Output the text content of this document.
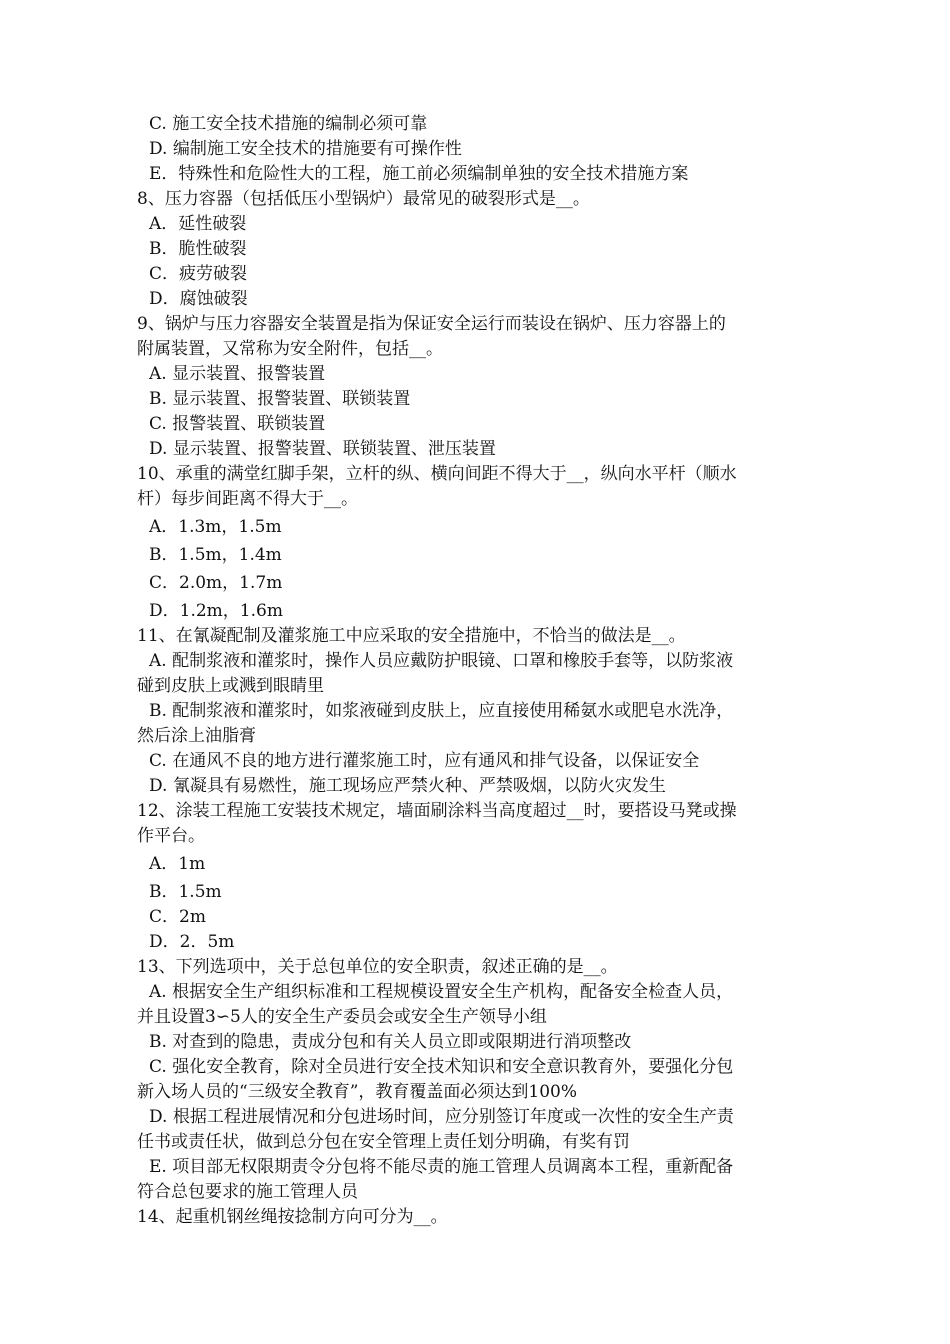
C. 施工安全技术措施的编制必须可靠
D. 编制施工安全技术的措施要有可操作性
E．特殊性和危险性大的工程，施工前必须编制单独的安全技术措施方案
8、压力容器（包括低压小型锅炉）最常见的破裂形式是__。
A．延性破裂
B．脆性破裂
C．疲劳破裂
D．腐蚀破裂
9、锅炉与压力容器安全装置是指为保证安全运行而装设在锅炉、压力容器上的
附属装置，又常称为安全附件，包括__。
A. 显示装置、报警装置
B. 显示装置、报警装置、联锁装置
C. 报警装置、联锁装置
D. 显示装置、报警装置、联锁装置、泄压装置
10、承重的满堂红脚手架，立杆的纵、横向间距不得大于__，纵向水平杆（顺水
杆）每步间距离不得大于__。
A．1.3m，1.5m
B．1.5m，1.4m
C．2.0m，1.7m
D．1.2m，1.6m
11、在氰凝配制及灌浆施工中应采取的安全措施中，不恰当的做法是__。
A. 配制浆液和灌浆时，操作人员应戴防护眼镜、口罩和橡胶手套等，以防浆液
碰到皮肤上或溅到眼睛里
B. 配制浆液和灌浆时，如浆液碰到皮肤上，应直接使用稀氨水或肥皂水洗净，
然后涂上油脂膏
C. 在通风不良的地方进行灌浆施工时，应有通风和排气设备，以保证安全
D. 氰凝具有易燃性，施工现场应严禁火种、严禁吸烟，以防火灾发生
12、涂装工程施工安装技术规定，墙面刷涂料当高度超过__时，要搭设马凳或操
作平台。
A．1m
B．1.5m
C．2m
D．2．5m
13、下列选项中，关于总包单位的安全职责，叙述正确的是__。
A. 根据安全生产组织标准和工程规模设置安全生产机构，配备安全检查人员，
并且设置3∽5人的安全生产委员会或安全生产领导小组
B. 对查到的隐患，责成分包和有关人员立即或限期进行消项整改
C. 强化安全教育，除对全员进行安全技术知识和安全意识教育外，要强化分包
新入场人员的“三级安全教育”，教育覆盖面必须达到100%
D. 根据工程进展情况和分包进场时间，应分别签订年度或一次性的安全生产责
任书或责任状，做到总分包在安全管理上责任划分明确，有奖有罚
E. 项目部无权限期责令分包将不能尽责的施工管理人员调离本工程，重新配备
符合总包要求的施工管理人员
14、起重机钢丝绳按捻制方向可分为__。
